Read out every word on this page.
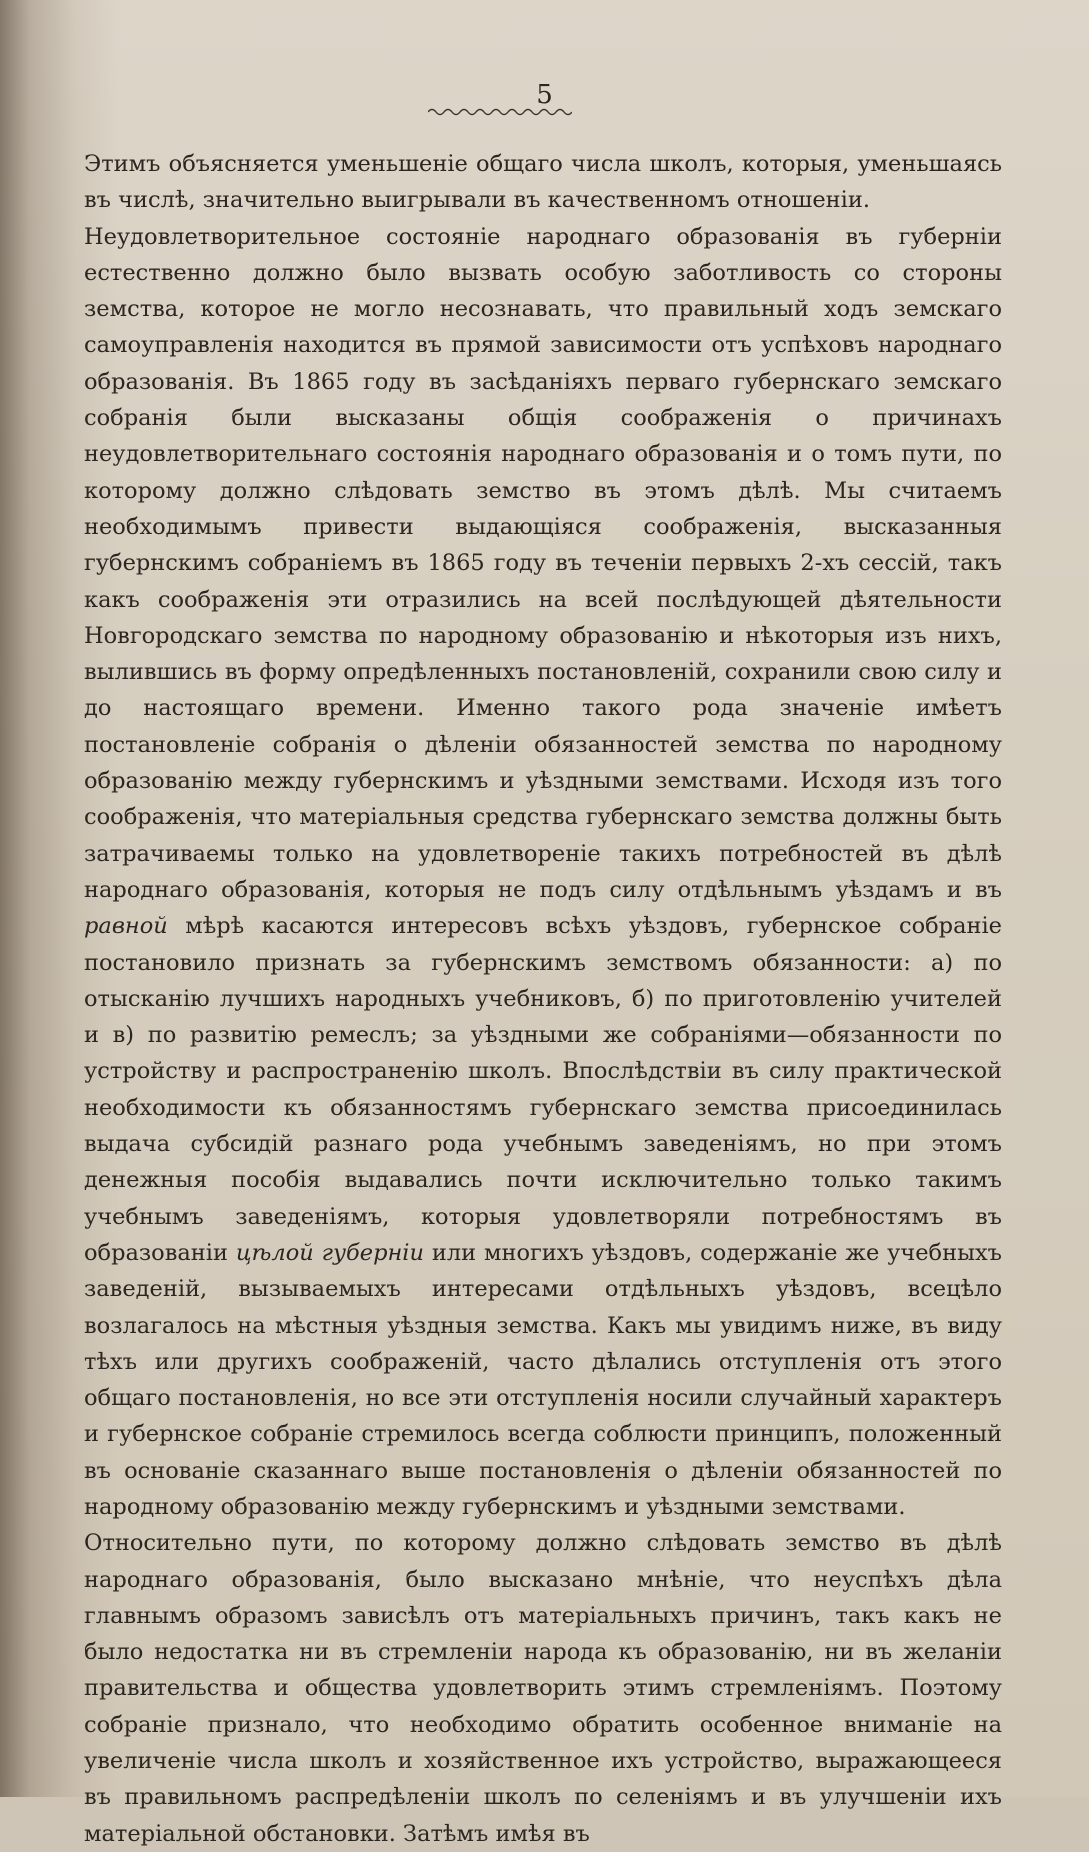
5

Этимъ объясняется уменьшеніе общаго числа школъ, которыя, уменьшаясь въ числѣ, значительно выигрывали въ качественномъ отношеніи.

Неудовлетворительное состояніе народнаго образованія въ губерніи естественно должно было вызвать особую заботливость со стороны земства, которое не могло несознавать, что правильный ходъ земскаго самоуправленія находится въ прямой зависимости отъ успѣховъ народнаго образованія. Въ 1865 году въ засѣданіяхъ перваго губернскаго земскаго собранія были высказаны общія соображенія о причинахъ неудовлетворительнаго состоянія народнаго образованія и о томъ пути, по которому должно слѣдовать земство въ этомъ дѣлѣ. Мы считаемъ необходимымъ привести выдающіяся соображенія, высказанныя губернскимъ собраніемъ въ 1865 году въ теченіи первыхъ 2-хъ сессій, такъ какъ соображенія эти отразились на всей послѣдующей дѣятельности Новгородскаго земства по народному образованію и нѣкоторыя изъ нихъ, вылившись въ форму опредѣленныхъ постановленій, сохранили свою силу и до настоящаго времени. Именно такого рода значеніе имѣетъ постановленіе собранія о дѣленіи обязанностей земства по народному образованію между губернскимъ и уѣздными земствами. Исходя изъ того соображенія, что матеріальныя средства губернскаго земства должны быть затрачиваемы только на удовлетвореніе такихъ потребностей въ дѣлѣ народнаго образованія, которыя не подъ силу отдѣльнымъ уѣздамъ и въ равной мѣрѣ касаются интересовъ всѣхъ уѣздовъ, губернское собраніе постановило признать за губернскимъ земствомъ обязанности: а) по отысканію лучшихъ народныхъ учебниковъ, б) по приготовленію учителей и в) по развитію ремеслъ; за уѣздными же собраніями—обязанности по устройству и распространенію школъ. Впослѣдствіи въ силу практической необходимости къ обязанностямъ губернскаго земства присоединилась выдача субсидій разнаго рода учебнымъ заведеніямъ, но при этомъ денежныя пособія выдавались почти исключительно только такимъ учебнымъ заведеніямъ, которыя удовлетворяли потребностямъ въ образованіи цѣлой губерніи или многихъ уѣздовъ, содержаніе же учебныхъ заведеній, вызываемыхъ интересами отдѣльныхъ уѣздовъ, всецѣло возлагалось на мѣстныя уѣздныя земства. Какъ мы увидимъ ниже, въ виду тѣхъ или другихъ соображеній, часто дѣлались отступленія отъ этого общаго постановленія, но все эти отступленія носили случайный характеръ и губернское собраніе стремилось всегда соблюсти принципъ, положенный въ основаніе сказаннаго выше постановленія о дѣленіи обязанностей по народному образованію между губернскимъ и уѣздными земствами.

Относительно пути, по которому должно слѣдовать земство въ дѣлѣ народнаго образованія, было высказано мнѣніе, что неуспѣхъ дѣла главнымъ образомъ зависѣлъ отъ матеріальныхъ причинъ, такъ какъ не было недостатка ни въ стремленіи народа къ образованію, ни въ желаніи правительства и общества удовлетворить этимъ стремленіямъ. Поэтому собраніе признало, что необходимо обратить особенное вниманіе на увеличеніе числа школъ и хозяйственное ихъ устройство, выражающееся въ правильномъ распредѣленіи школъ по селеніямъ и въ улучшеніи ихъ матеріальной обстановки. Затѣмъ имѣя въ
